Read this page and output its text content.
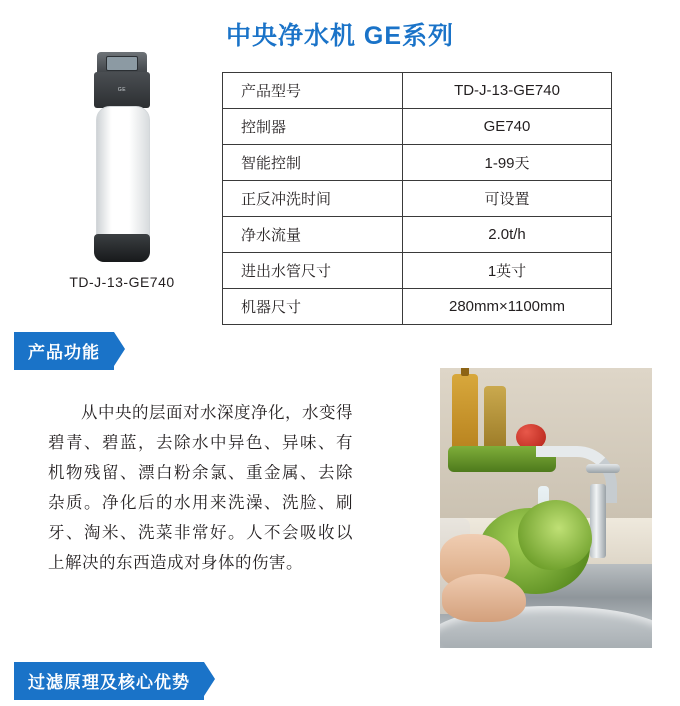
中央净水机 GE系列
GE
TD-J-13-GE740
产品型号	TD-J-13-GE740
控制器	GE740
智能控制	1-99天
正反冲洗时间	可设置
净水流量	2.0t/h
进出水管尺寸	1英寸
机器尺寸	280mm×1100mm
产品功能

从中央的层面对水深度净化，水变得碧青、碧蓝，去除水中异色、异味、有机物残留、漂白粉余氯、重金属、去除杂质。净化后的水用来洗澡、洗脸、刷牙、淘米、洗菜非常好。人不会吸收以上解决的东西造成对身体的伤害。

过滤原理及核心优势
